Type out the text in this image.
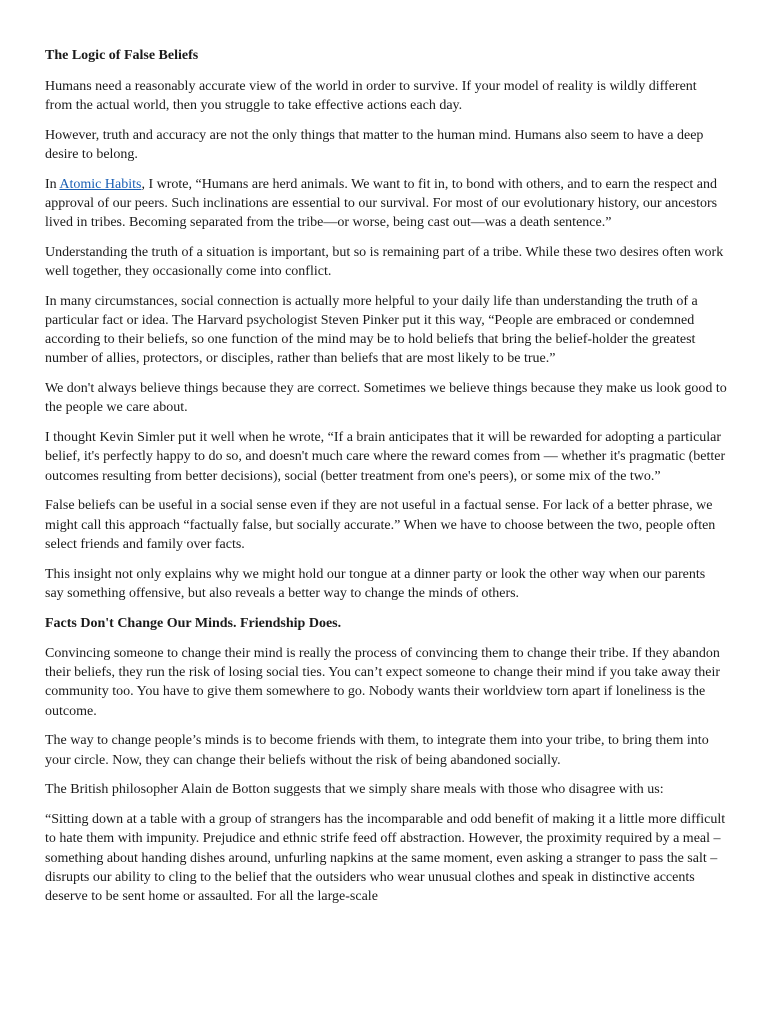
The Logic of False Beliefs

Humans need a reasonably accurate view of the world in order to survive. If your model of reality is wildly different from the actual world, then you struggle to take effective actions each day.

However, truth and accuracy are not the only things that matter to the human mind. Humans also seem to have a deep desire to belong.

In Atomic Habits, I wrote, “Humans are herd animals. We want to fit in, to bond with others, and to earn the respect and approval of our peers. Such inclinations are essential to our survival. For most of our evolutionary history, our ancestors lived in tribes. Becoming separated from the tribe—or worse, being cast out—was a death sentence.”

Understanding the truth of a situation is important, but so is remaining part of a tribe. While these two desires often work well together, they occasionally come into conflict.

In many circumstances, social connection is actually more helpful to your daily life than understanding the truth of a particular fact or idea. The Harvard psychologist Steven Pinker put it this way, “People are embraced or condemned according to their beliefs, so one function of the mind may be to hold beliefs that bring the belief-holder the greatest number of allies, protectors, or disciples, rather than beliefs that are most likely to be true.”

We don't always believe things because they are correct. Sometimes we believe things because they make us look good to the people we care about.

I thought Kevin Simler put it well when he wrote, “If a brain anticipates that it will be rewarded for adopting a particular belief, it's perfectly happy to do so, and doesn't much care where the reward comes from — whether it's pragmatic (better outcomes resulting from better decisions), social (better treatment from one's peers), or some mix of the two.”

False beliefs can be useful in a social sense even if they are not useful in a factual sense. For lack of a better phrase, we might call this approach “factually false, but socially accurate.” When we have to choose between the two, people often select friends and family over facts.

This insight not only explains why we might hold our tongue at a dinner party or look the other way when our parents say something offensive, but also reveals a better way to change the minds of others.

Facts Don't Change Our Minds. Friendship Does.

Convincing someone to change their mind is really the process of convincing them to change their tribe. If they abandon their beliefs, they run the risk of losing social ties. You can’t expect someone to change their mind if you take away their community too. You have to give them somewhere to go. Nobody wants their worldview torn apart if loneliness is the outcome.

The way to change people’s minds is to become friends with them, to integrate them into your tribe, to bring them into your circle. Now, they can change their beliefs without the risk of being abandoned socially.

The British philosopher Alain de Botton suggests that we simply share meals with those who disagree with us:

“Sitting down at a table with a group of strangers has the incomparable and odd benefit of making it a little more difficult to hate them with impunity. Prejudice and ethnic strife feed off abstraction. However, the proximity required by a meal – something about handing dishes around, unfurling napkins at the same moment, even asking a stranger to pass the salt – disrupts our ability to cling to the belief that the outsiders who wear unusual clothes and speak in distinctive accents deserve to be sent home or assaulted. For all the large-scale
